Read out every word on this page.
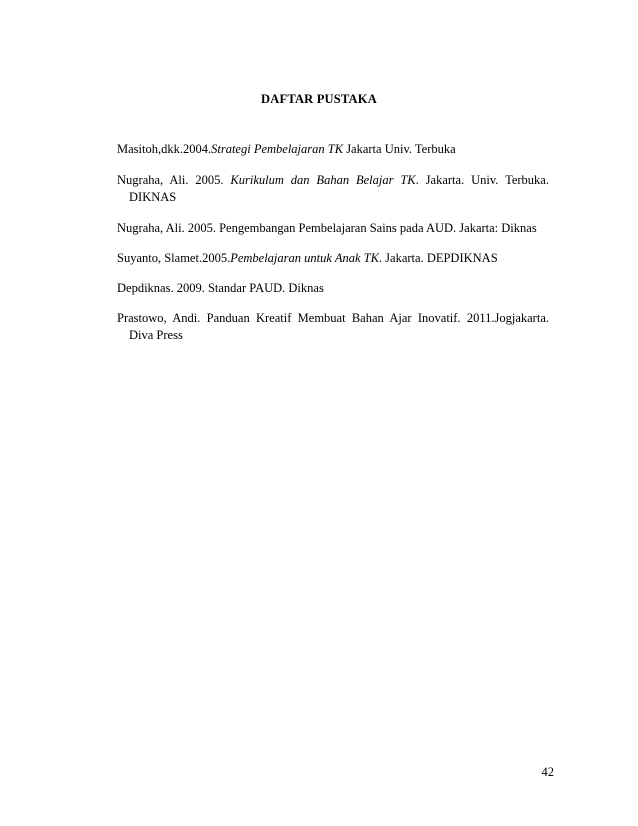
DAFTAR PUSTAKA
Masitoh,dkk.2004.Strategi Pembelajaran TK Jakarta Univ. Terbuka
Nugraha, Ali. 2005. Kurikulum dan Bahan Belajar TK. Jakarta. Univ. Terbuka. DIKNAS
Nugraha, Ali. 2005. Pengembangan Pembelajaran Sains pada AUD. Jakarta: Diknas
Suyanto, Slamet.2005.Pembelajaran untuk Anak TK. Jakarta. DEPDIKNAS
Depdiknas. 2009. Standar PAUD. Diknas
Prastowo, Andi. Panduan Kreatif Membuat Bahan Ajar Inovatif. 2011.Jogjakarta. Diva Press
42
